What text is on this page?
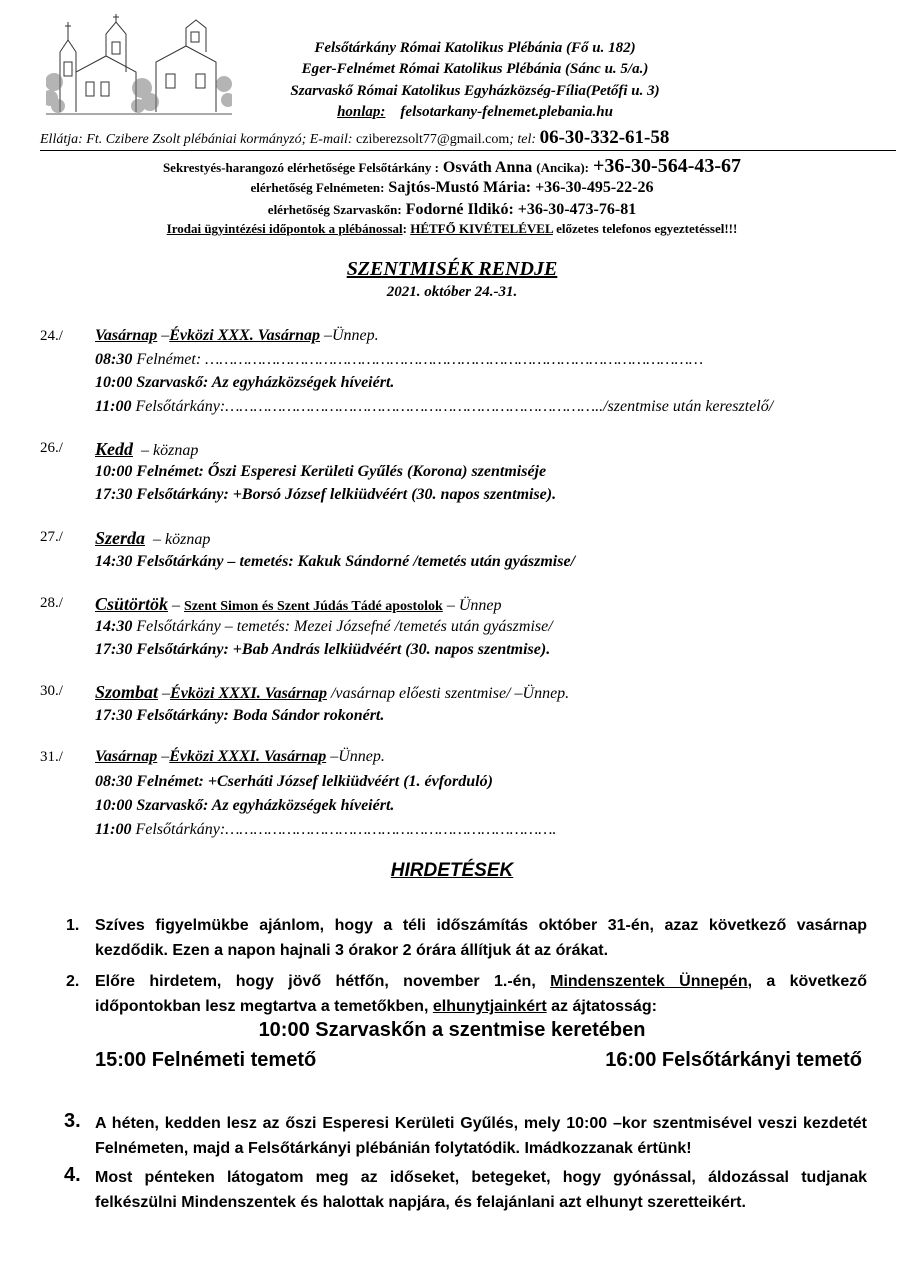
Felsőtárkány Római Katolikus Plébánia (Fő u. 182)
Eger-Felnémet Római Katolikus Plébánia (Sánc u. 5/a.)
Szarvaskő Római Katolikus Egyházközség-Fília(Petőfi u. 3)
honlap: felsotarkany-felnemet.plebania.hu
Ellátja: Ft. Czibere Zsolt plébániai kormányzó; E-mail: cziberezsolt77@gmail.com; tel: 06-30-332-61-58
Sekrestyés-harangozó elérhetősége Felsőtárkány : Osváth Anna (Ancika): +36-30-564-43-67
elérhetőség Felnémeten: Sajtós-Mustó Mária: +36-30-495-22-26
elérhetőség Szarvaskőn: Fodorné Ildikó: +36-30-473-76-81
Irodai ügyintézési időpontok a plébánossal: HÉTFŐ KIVÉTELÉVEL előzetes telefonos egyeztetéssel!!!
SZENTMISÉK RENDJE
2021. október 24.-31.
24./ Vasárnap –Évközi XXX. Vasárnap –Ünnep.
08:30 Felnémet: ……………………………………………………………………………………………
10:00 Szarvaskő: Az egyházközségek híveiért.
11:00 Felsőtárkány:……………………………………………………………………../szentmise után keresztelő/
26./ Kedd  – köznap
10:00 Felnémet: Őszi Esperesi Kerületi Gyűlés (Korona) szentmiséje
17:30 Felsőtárkány: +Borsó József lelkiüdvéért (30. napos szentmise).
27./ Szerda  – köznap
14:30 Felsőtárkány – temetés: Kakuk Sándorné /temetés után gyászmise/
28./ Csütörtök – Szent Simon és Szent Júdás Tádé apostolok – Ünnep
14:30 Felsőtárkány – temetés: Mezei Józsefné /temetés után gyászmise/
17:30 Felsőtárkány: +Bab András lelkiüdvéért (30. napos szentmise).
30./ Szombat –Évközi XXXI. Vasárnap /vasárnap előesti szentmise/ –Ünnep.
17:30 Felsőtárkány: Boda Sándor rokonért.
31./ Vasárnap –Évközi XXXI. Vasárnap –Ünnep.
08:30 Felnémet: +Cserháti József lelkiüdvéért (1. évforduló)
10:00 Szarvaskő: Az egyházközségek híveiért.
11:00 Felsőtárkány:…………………………………………………………….
HIRDETÉSEK
1. Szíves figyelmükbe ajánlom, hogy a téli időszámítás október 31-én, azaz következő vasárnap kezdődik. Ezen a napon hajnali 3 órakor 2 órára állítjuk át az órákat.
2. Előre hirdetem, hogy jövő hétfőn, november 1.-én, Mindenszentek Ünnepén, a következő időpontokban lesz megtartva a temetőkben, elhunytjainkért az ájtatosság:
10:00 Szarvaskőn a szentmise keretében
15:00 Felnémeti temető	16:00 Felsőtárkányi temető
3. A héten, kedden lesz az őszi Esperesi Kerületi Gyűlés, mely 10:00 –kor szentmisével veszi kezdetét Felnémeten, majd a Felsőtárkányi plébánián folytatódik. Imádkozzanak értünk!
4. Most pénteken látogatom meg az időseket, betegeket, hogy gyónással, áldozással tudjanak felkészülni Mindenszentek és halottak napjára, és felajánlani azt elhunyt szeretteikért.
